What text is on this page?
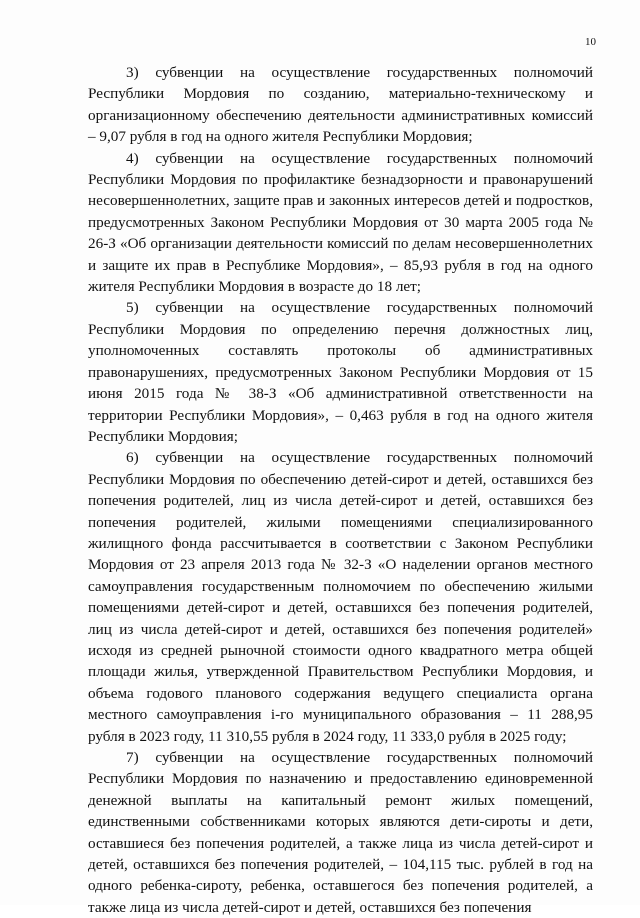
10

3) субвенции на осуществление государственных полномочий Республики Мордовия по созданию, материально-техническому и организационному обеспечению деятельности административных комиссий – 9,07 рубля в год на одного жителя Республики Мордовия;

4) субвенции на осуществление государственных полномочий Республики Мордовия по профилактике безнадзорности и правонарушений несовершеннолетних, защите прав и законных интересов детей и подростков, предусмотренных Законом Республики Мордовия от 30 марта 2005 года № 26-З «Об организации деятельности комиссий по делам несовершеннолетних и защите их прав в Республике Мордовия», – 85,93 рубля в год на одного жителя Республики Мордовия в возрасте до 18 лет;

5) субвенции на осуществление государственных полномочий Республики Мордовия по определению перечня должностных лиц, уполномоченных составлять протоколы об административных правонарушениях, предусмотренных Законом Республики Мордовия от 15 июня 2015 года № 38-З «Об административной ответственности на территории Республики Мордовия», – 0,463 рубля в год на одного жителя Республики Мордовия;

6) субвенции на осуществление государственных полномочий Республики Мордовия по обеспечению детей-сирот и детей, оставшихся без попечения родителей, лиц из числа детей-сирот и детей, оставшихся без попечения родителей, жилыми помещениями специализированного жилищного фонда рассчитывается в соответствии с Законом Республики Мордовия от 23 апреля 2013 года № 32-З «О наделении органов местного самоуправления государственным полномочием по обеспечению жилыми помещениями детей-сирот и детей, оставшихся без попечения родителей, лиц из числа детей-сирот и детей, оставшихся без попечения родителей» исходя из средней рыночной стоимости одного квадратного метра общей площади жилья, утвержденной Правительством Республики Мордовия, и объема годового планового содержания ведущего специалиста органа местного самоуправления i-го муниципального образования – 11 288,95 рубля в 2023 году, 11 310,55 рубля в 2024 году, 11 333,0 рубля в 2025 году;

7) субвенции на осуществление государственных полномочий Республики Мордовия по назначению и предоставлению единовременной денежной выплаты на капитальный ремонт жилых помещений, единственными собственниками которых являются дети-сироты и дети, оставшиеся без попечения родителей, а также лица из числа детей-сирот и детей, оставшихся без попечения родителей, – 104,115 тыс. рублей в год на одного ребенка-сироту, ребенка, оставшегося без попечения родителей, а также лица из числа детей-сирот и детей, оставшихся без попечения
